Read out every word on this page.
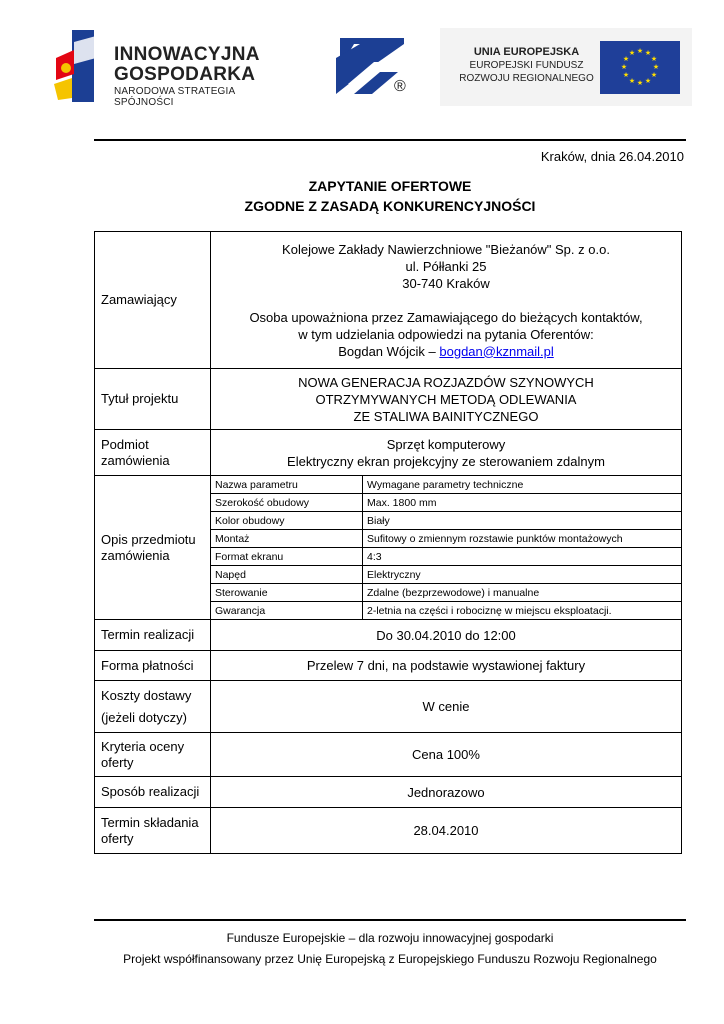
INNOWACYJNA
GOSPODARKA
NARODOWA STRATEGIA SPÓJNOŚCI
®
UNIA EUROPEJSKA
EUROPEJSKI FUNDUSZ
ROZWOJU REGIONALNEGO
★ ★
★
★
★
★
★
★
★
★
★
★
Kraków, dnia 26.04.2010
ZAPYTANIE OFERTOWE
ZGODNE Z ZASADĄ KONKURENCYJNOŚCI
Zamawiający	
Kolejowe Zakłady Nawierzchniowe "Bieżanów" Sp. z o.o.
ul. Półłanki 25
30-740 Kraków
Osoba upoważniona przez Zamawiającego do bieżących kontaktów,
w tym udzielania odpowiedzi na pytania Oferentów:
Bogdan Wójcik – bogdan@kznmail.pl

Tytuł projektu	
NOWA GENERACJA ROZJAZDÓW SZYNOWYCH
OTRZYMYWANYCH METODĄ ODLEWANIA
ZE STALIWA BAINITYCZNEGO

Podmiot
zamówienia

Sprzęt komputerowy
Elektryczny ekran projekcyjny ze sterowaniem zdalnym

Opis przedmiotu
zamówienia

Nazwa parametru	Wymagane parametry techniczne
Szerokość obudowy	Max. 1800 mm
Kolor obudowy	Biały
Montaż	Sufitowy o zmiennym rozstawie punktów montażowych
Format ekranu	4:3
Napęd	Elektryczny
Sterowanie	Zdalne (bezprzewodowe) i manualne
Gwarancja	2-letnia na części i robociznę w miejscu eksploatacji.

Termin realizacji	Do 30.04.2010 do 12:00
Forma płatności	Przelew 7 dni, na podstawie wystawionej faktury

Koszty dostawy
(jeżeli dotyczy)
	W cenie

Kryteria oceny
oferty	Cena 100%
Sposób realizacji	Jednorazowo

Termin składania
oferty	28.04.2010
Fundusze Europejskie – dla rozwoju innowacyjnej gospodarki
Projekt współfinansowany przez Unię Europejską z Europejskiego Funduszu Rozwoju Regionalnego
